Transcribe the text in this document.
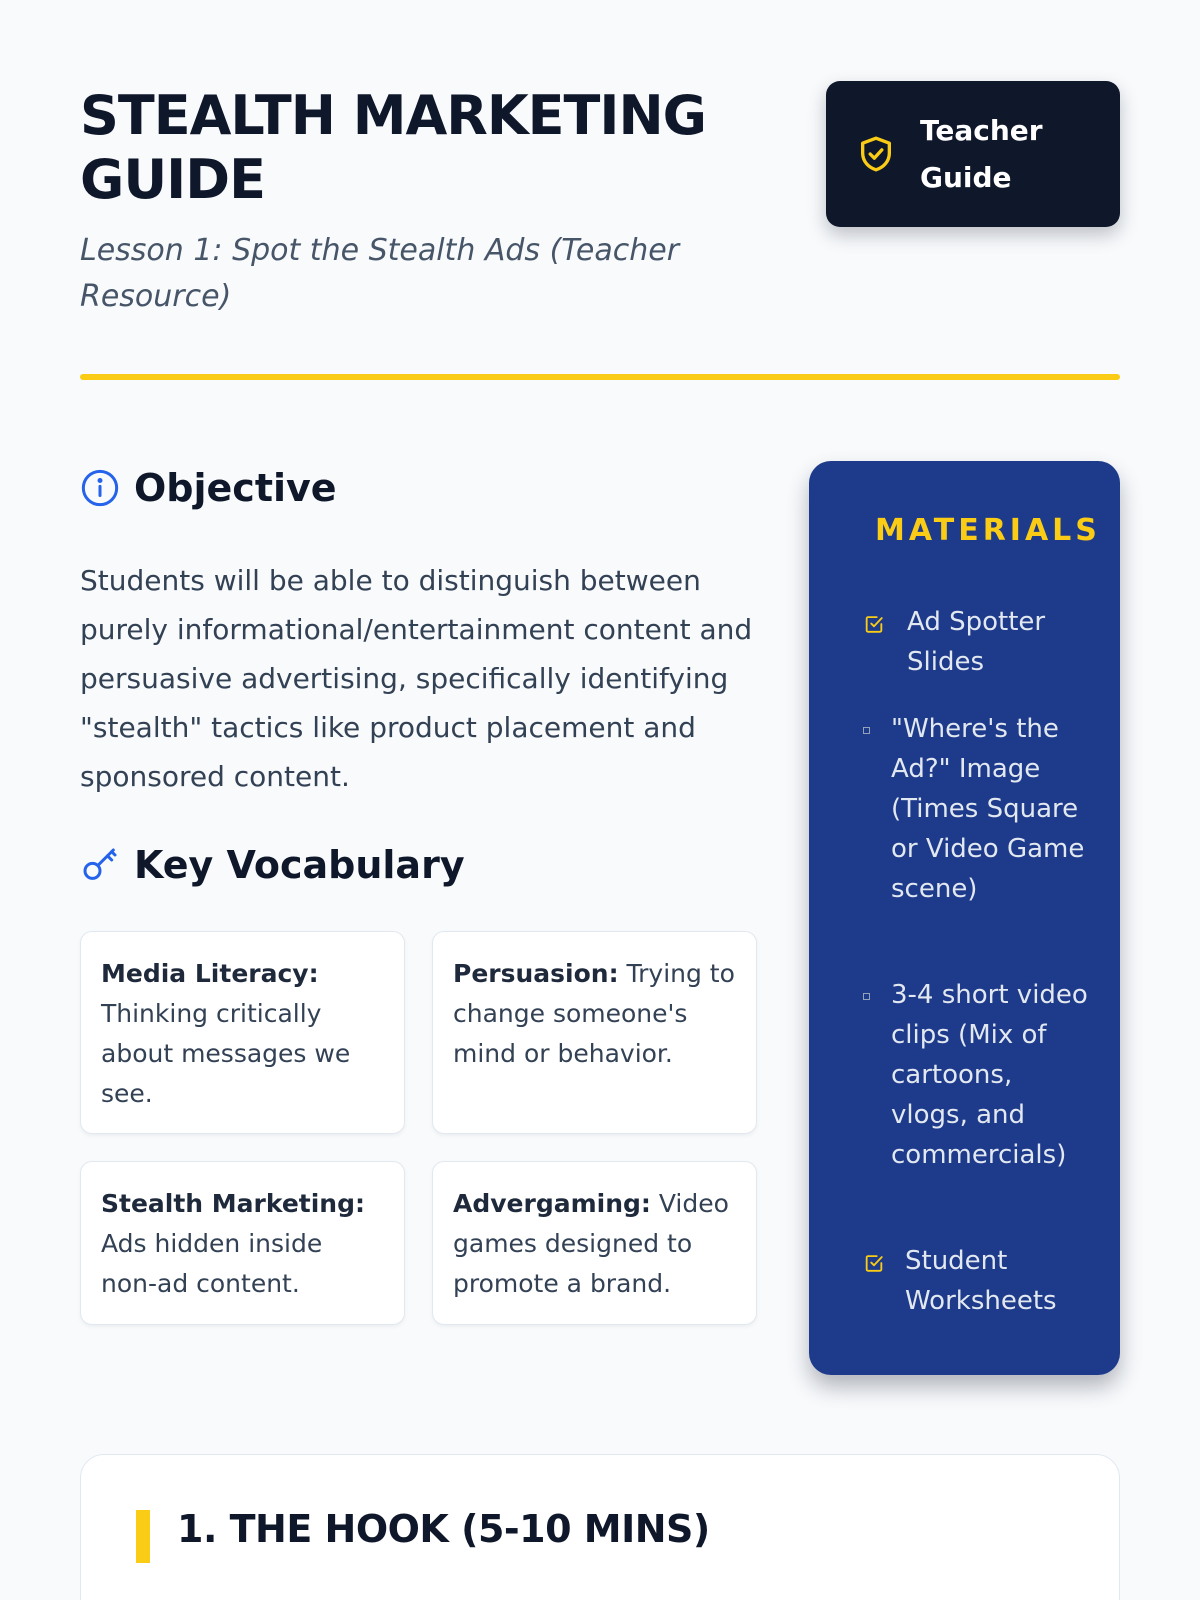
STEALTH MARKETING GUIDE
Lesson 1: Spot the Stealth Ads (Teacher Resource)
Teacher Guide
Objective

Students will be able to distinguish between purely informational/entertainment content and persuasive advertising, specifically identifying "stealth" tactics like product placement and sponsored content.

Key Vocabulary
Media Literacy: Thinking critically about messages we see.
Persuasion: Trying to change someone's mind or behavior.
Stealth Marketing: Ads hidden inside non-ad content.
Advergaming: Video games designed to promote a brand.
MATERIALS
Ad Spotter Slides
"Where's the Ad?" Image (Times Square or Video Game scene)
3-4 short video clips (Mix of cartoons, vlogs, and commercials)
Student Worksheets
1. THE HOOK (5-10 MINS)
